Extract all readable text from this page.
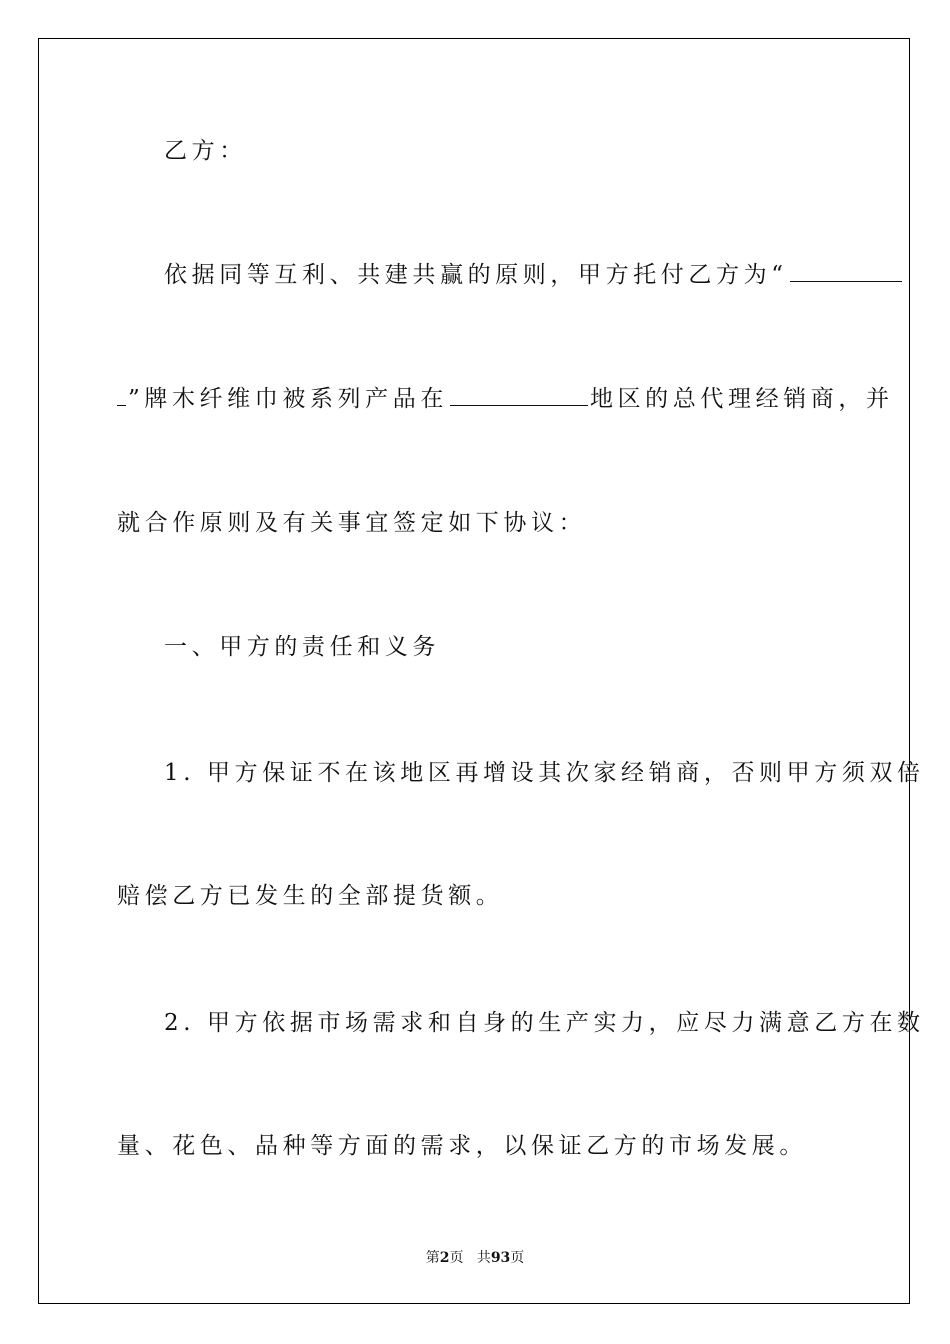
乙方：
依据同等互利、共建共赢的原则，甲方托付乙方为“
”牌木纤维巾被系列产品在	地区的总代理经销商，并
就合作原则及有关事宜签定如下协议：
一、甲方的责任和义务
1. 甲方保证不在该地区再增设其次家经销商，否则甲方须双倍
赔偿乙方已发生的全部提货额。
2. 甲方依据市场需求和自身的生产实力，应尽力满意乙方在数
量、花色、品种等方面的需求，以保证乙方的市场发展。
第2页 共93页
